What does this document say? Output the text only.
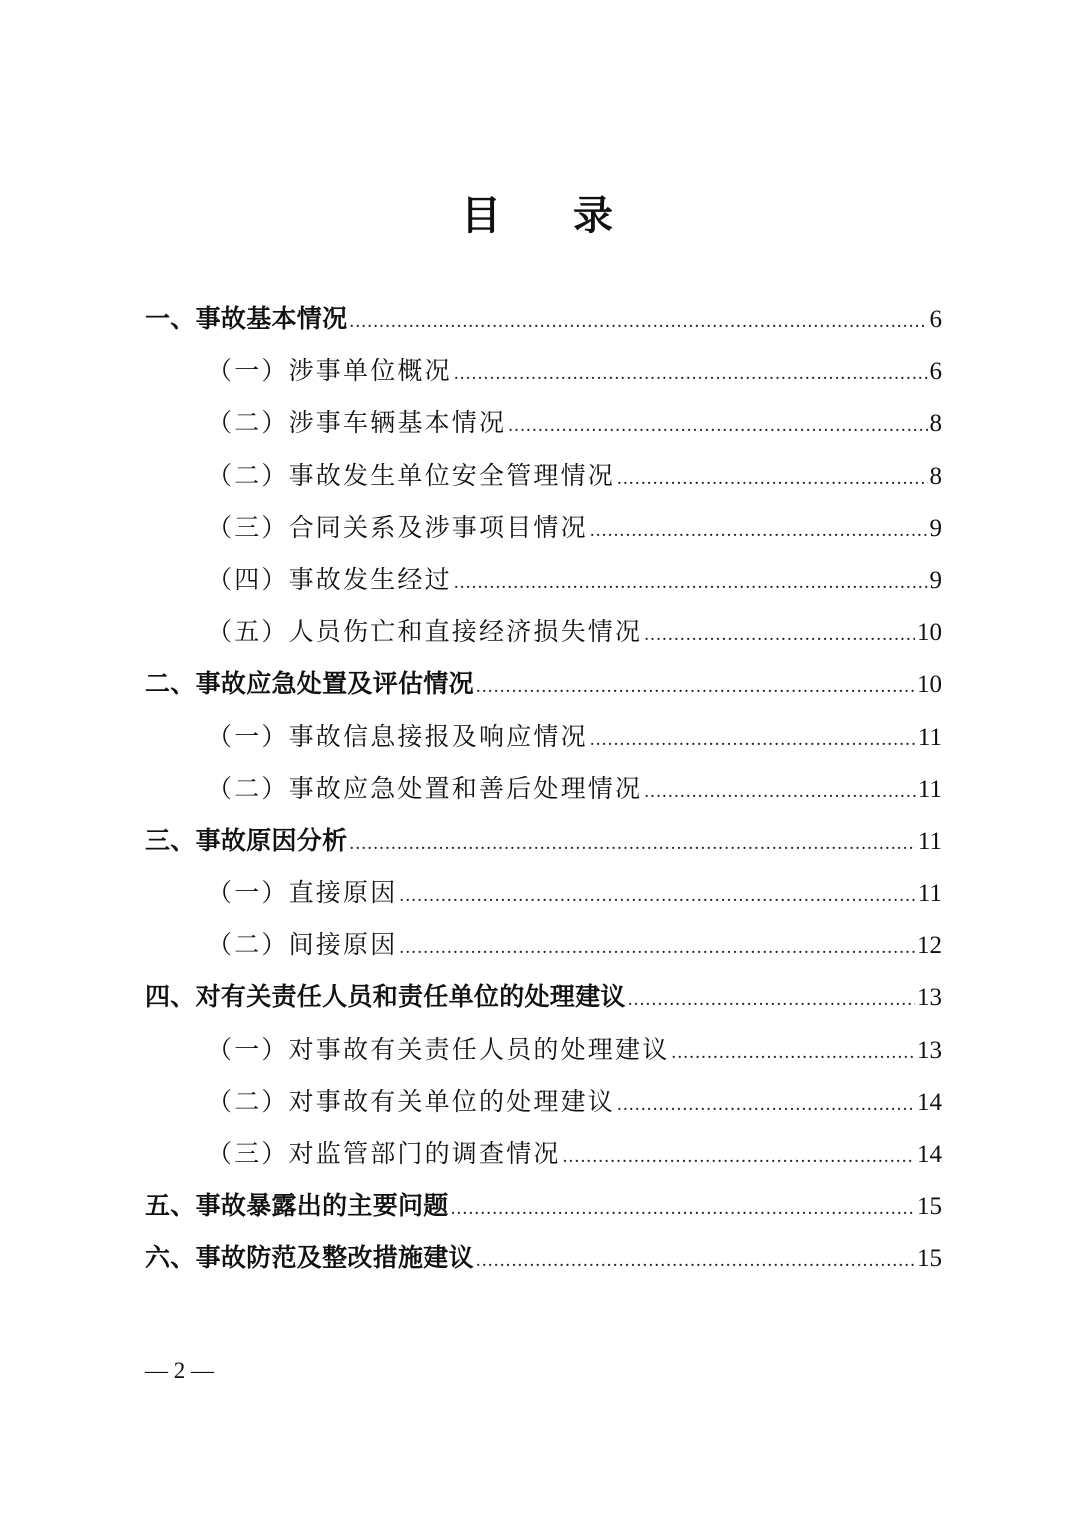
目 录
一、事故基本情况 .....	6
（一）涉事单位概况 .....	6
（二）涉事车辆基本情况 .....	8
（二）事故发生单位安全管理情况 .....	8
（三）合同关系及涉事项目情况 .....	9
（四）事故发生经过 .....	9
（五）人员伤亡和直接经济损失情况 .....	10
二、事故应急处置及评估情况 .....	10
（一）事故信息接报及响应情况 .....	11
（二）事故应急处置和善后处理情况 .....	11
三、事故原因分析 .....	11
（一）直接原因 .....	11
（二）间接原因 .....	12
四、对有关责任人员和责任单位的处理建议 .....	13
（一）对事故有关责任人员的处理建议 .....	13
（二）对事故有关单位的处理建议 .....	14
（三）对监管部门的调查情况 .....	14
五、事故暴露出的主要问题 .....	15
六、事故防范及整改措施建议 .....	15
— 2 —
